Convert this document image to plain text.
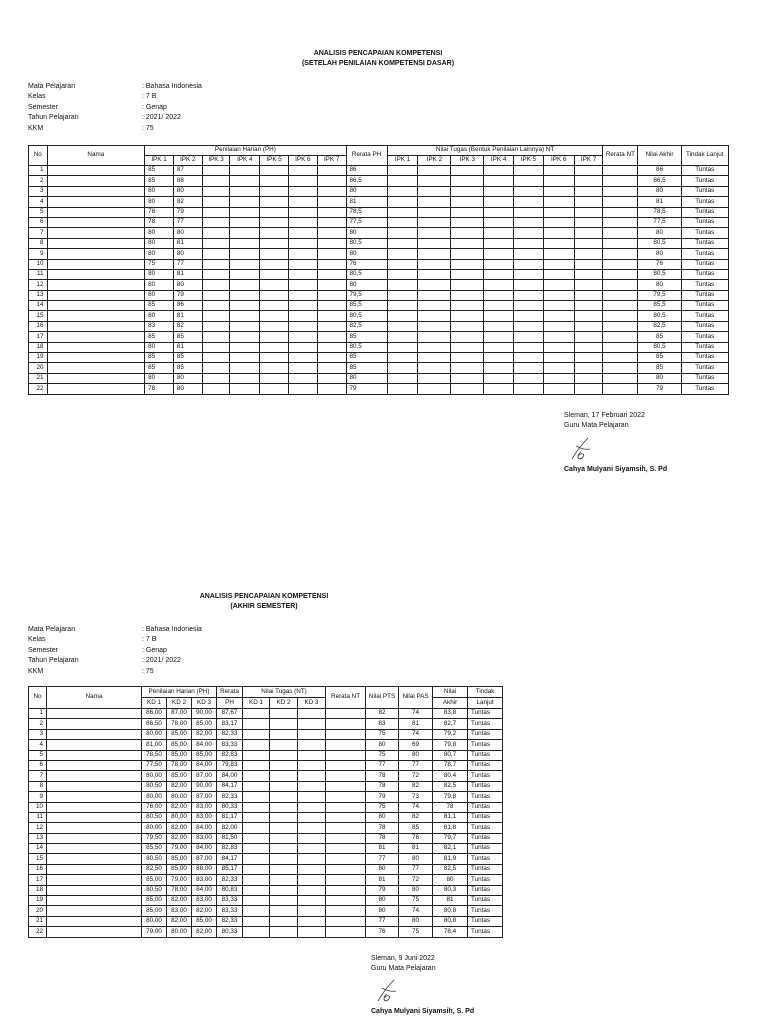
ANALISIS PENCAPAIAN KOMPETENSI
(SETELAH PENILAIAN KOMPETENSI DASAR)
Mata Pelajaran	: Bahasa Indonesia
Kelas	: 7 B
Semester	: Genap
Tahun Pelajaran	: 2021/ 2022
KKM	: 75
No	Nama	Penilaian Harian (PH)							Rerata PH	Nilai Tugas (Bentuk Penilaian Lainnya) NT							Rerata NT	Nilai Akhir	Tindak Lanjut
		IPK 1	IPK 2	IPK 3	IPK 4	IPK 5	IPK 6	IPK 7		IPK 1	IPK 2	IPK 3	IPK 4	IPK 5	IPK 6	IPK 7			
1		85	87						86									86	Tuntas
2		85	88						86,5									86,5	Tuntas
3		80	80						80									80	Tuntas
4		80	82						81									81	Tuntas
5		78	79						78,5									78,5	Tuntas
6		78	77						77,5									77,5	Tuntas
7		80	80						80									80	Tuntas
8		80	81						80,5									80,5	Tuntas
9		80	80						80									80	Tuntas
10		75	77						76									76	Tuntas
11		80	81						80,5									80,5	Tuntas
12		80	80						80									80	Tuntas
13		80	79						79,5									79,5	Tuntas
14		85	86						85,5									85,5	Tuntas
15		80	81						80,5									80,5	Tuntas
16		83	82						82,5									82,5	Tuntas
17		85	85						85									85	Tuntas
18		80	81						80,5									80,5	Tuntas
19		85	85						85									85	Tuntas
20		85	85						85									85	Tuntas
21		80	80						80									80	Tuntas
22		78	80						79									79	Tuntas
Sleman, 17 Februari 2022
Guru Mata Pelajaran
Cahya Mulyani Siyamsih, S. Pd
ANALISIS PENCAPAIAN KOMPETENSI
(AKHIR SEMESTER)
Mata Pelajaran	: Bahasa Indonesia
Kelas	: 7 B
Semester	: Genap
Tahun Pelajaran	: 2021/ 2022
KKM	: 75
No	Nama	Penilaian Harian (PH)			Rerata	Nilai Tugas (NT)			Rerata NT	Nilai PTS	Nilai PAS	Nilai	Tindak
		KD 1	KD 2	KD 3	PH	KD 1	KD 2	KD 3				Akhir	Lanjut
1		86,00	87,00	90,00	87,67					82	74	83,8	Tuntas
2		86,50	78,00	85,00	83,17					83	81	82,7	Tuntas
3		80,00	85,00	82,00	82,33					75	74	79,2	Tuntas
4		81,00	85,00	84,00	83,33					80	69	79,8	Tuntas
5		78,50	85,00	85,00	82,83					75	80	80,7	Tuntas
6		77,50	78,00	84,00	79,83					77	77	78,7	Tuntas
7		80,00	85,00	87,00	84,00					78	72	80,4	Tuntas
8		80,50	82,00	90,00	84,17					78	82	82,5	Tuntas
9		80,00	80,00	87,00	82,33					79	73	79,8	Tuntas
10		76,00	82,00	83,00	80,33					75	74	78	Tuntas
11		80,50	80,00	83,00	81,17					80	82	81,1	Tuntas
12		80,00	82,00	84,00	82,00					78	85	81,8	Tuntas
13		79,50	82,00	83,00	81,50					78	76	79,7	Tuntas
14		85,50	79,00	84,00	82,83					81	81	82,1	Tuntas
15		80,50	85,00	87,00	84,17					77	80	81,9	Tuntas
16		82,50	85,00	88,00	85,17					80	77	82,5	Tuntas
17		85,00	79,00	83,00	82,33					81	72	80	Tuntas
18		80,50	78,00	84,00	80,83					79	80	80,3	Tuntas
19		85,00	82,00	83,00	83,33					80	75	81	Tuntas
20		85,00	83,00	82,00	83,33					80	74	80,8	Tuntas
21		80,00	82,00	85,00	82,33					77	80	80,8	Tuntas
22		79,00	80,00	82,00	80,33					76	75	78,4	Tuntas
Sleman, 9 Juni 2022
Guru Mata Pelajaran
Cahya Mulyani Siyamsih, S. Pd
